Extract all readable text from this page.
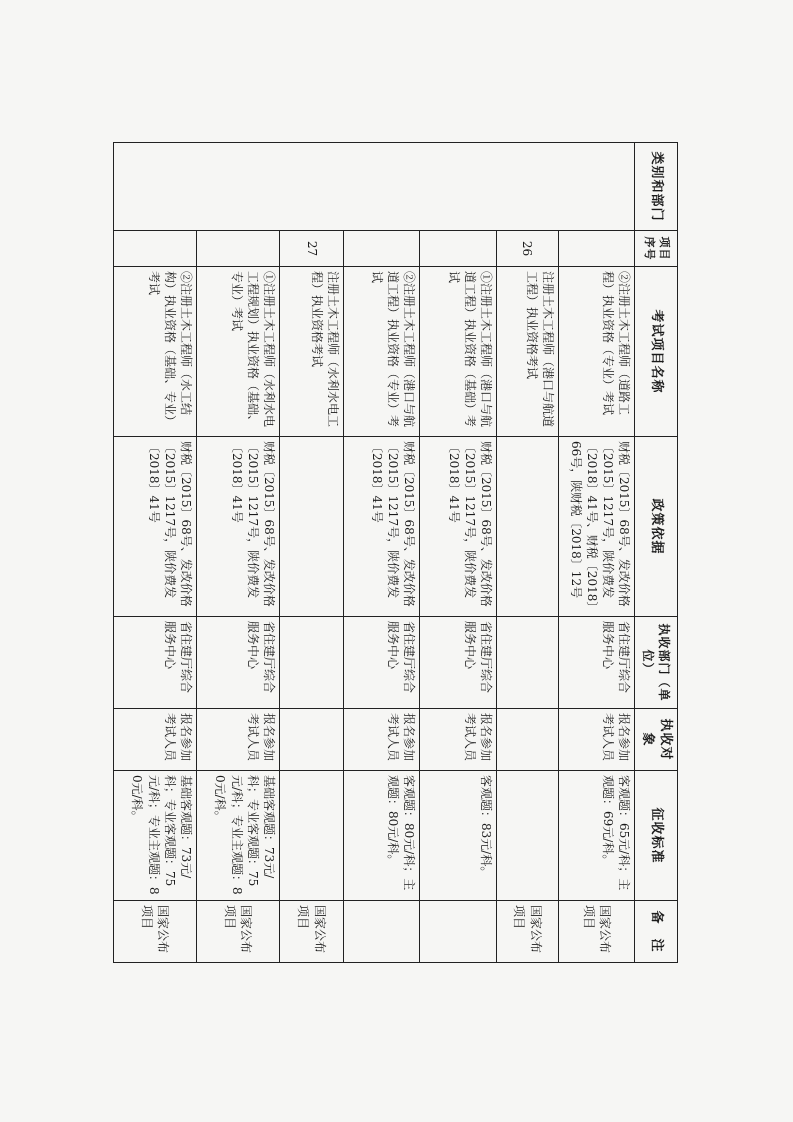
类别和部门	项目序号	考试项目名称	政策依据	执收部门（单位）	执收对象	征收标准	备　注
		②注册土木工程师（道路工程）执业资格（专业）考试	财税〔2015〕68号、发改价格〔2015〕1217号，陕价费发〔2018〕41号、财税〔2018〕66号，陕财税〔2018〕12号	省住建厅综合服务中心	报名参加考试人员	客观题：65元/科；主观题：69元/科。	国家公布项目
	26	注册土木工程师（港口与航道工程）执业资格考试					国家公布项目
		①注册土木工程师（港口与航道工程）执业资格（基础）考试	财税〔2015〕68号、发改价格〔2015〕1217号，陕价费发〔2018〕41号	省住建厅综合服务中心	报名参加考试人员	客观题：83元/科。	
		②注册土木工程师（港口与航道工程）执业资格（专业）考试	财税〔2015〕68号、发改价格〔2015〕1217号，陕价费发〔2018〕41号	省住建厅综合服务中心	报名参加考试人员	客观题：80元/科；主观题：80元/科。	
	27	注册土木工程师（水利水电工程）执业资格考试					国家公布项目
		①注册土木工程师（水利水电工程规划）执业资格（基础、专业）考试	财税〔2015〕68号、发改价格〔2015〕1217号，陕价费发〔2018〕41号	省住建厅综合服务中心	报名参加考试人员	基础客观题：73元/科；专业客观题：75元/科；专业主观题：80元/科。	国家公布项目
		②注册土木工程师（水工结构）执业资格（基础、专业）考试	财税〔2015〕68号、发改价格〔2015〕1217号，陕价费发〔2018〕41号	省住建厅综合服务中心	报名参加考试人员	基础客观题：73元/科；专业客观题：75元/科；专业主观题：80元/科。	国家公布项目
